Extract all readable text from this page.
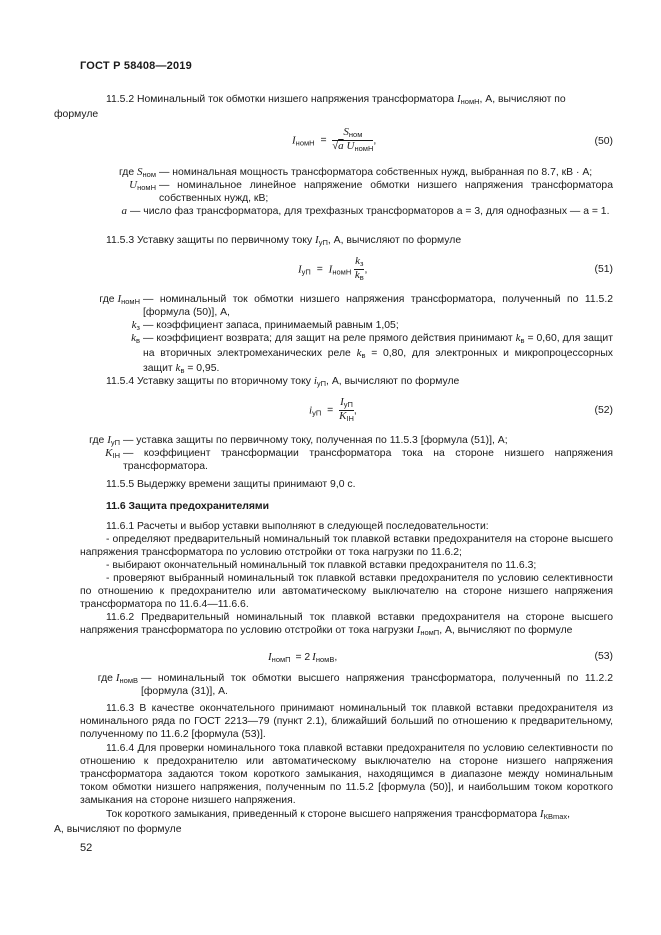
ГОСТ Р 58408—2019
11.5.2 Номинальный ток обмотки низшего напряжения трансформатора $I_{номН}$, А, вычисляют по
формуле
$I_{номН} = \frac{S_{ном}}{√a U_{номН}}$ ,	(50)
где $S_{ном}$ — номинальная мощность трансформатора собственных нужд, выбранная по 8.7, кВ · А;
$U_{номН}$ — номинальное линейное напряжение обмотки низшего напряжения трансформатора собственных нужд, кВ;
a — число фаз трансформатора, для трехфазных трансформаторов a = 3, для однофазных — a = 1.
11.5.3 Уставку защиты по первичному току $I_{уП}$, А, вычисляют по формуле
$I_{уП} = I_{номН} \frac{k_з}{k_в}$ ,	(51)
где $I_{номН}$ — номинальный ток обмотки низшего напряжения трансформатора, полученный по 11.5.2 [формула (50)], А,
$k_з$ — коэффициент запаса, принимаемый равным 1,05;
$k_в$ — коэффициент возврата; для защит на реле прямого действия принимают $k_в = 0,60$, для защит на вторичных электромеханических реле $k_в = 0,80$, для электронных и микропроцессорных защит $k_в = 0,95$.
11.5.4 Уставку защиты по вторичному току $i_{уП}$, А, вычисляют по формуле
$i_{уП} = \frac{I_{уП}}{K_{IН}}$ ,	(52)
где $I_{уП}$ — уставка защиты по первичному току, полученная по 11.5.3 [формула (51)], А;
$K_{IН}$ — коэффициент трансформации трансформатора тока на стороне низшего напряжения трансформатора.
11.5.5 Выдержку времени защиты принимают 9,0 с.
11.6 Защита предохранителями
11.6.1 Расчеты и выбор уставки выполняют в следующей последовательности:
- определяют предварительный номинальный ток плавкой вставки предохранителя на стороне высшего напряжения трансформатора по условию отстройки от тока нагрузки по 11.6.2;
- выбирают окончательный номинальный ток плавкой вставки предохранителя по 11.6.3;
- проверяют выбранный номинальный ток плавкой вставки предохранителя по условию селективности по отношению к предохранителю или автоматическому выключателю на стороне низшего напряжения трансформатора по 11.6.4—11.6.6.
11.6.2 Предварительный номинальный ток плавкой вставки предохранителя на стороне высшего напряжения трансформатора по условию отстройки от тока нагрузки $I_{номП}$, А, вычисляют по формуле
$I_{номП} = 2$ $I_{номВ}$,	(53)
где $I_{номВ}$ — номинальный ток обмотки высшего напряжения трансформатора, полученный по 11.2.2 [формула (31)], А.
11.6.3 В качестве окончательного принимают номинальный ток плавкой вставки предохранителя из номинального ряда по ГОСТ 2213—79 (пункт 2.1), ближайший больший по отношению к предварительному, полученному по 11.6.2 [формула (53)].
11.6.4 Для проверки номинального тока плавкой вставки предохранителя по условию селективности по отношению к предохранителю или автоматическому выключателю на стороне низшего напряжения трансформатора задаются током короткого замыкания, находящимся в диапазоне между номинальным током обмотки низшего напряжения, полученным по 11.5.2 [формула (50)], и наибольшим током короткого замыкания на стороне низшего напряжения.
Ток короткого замыкания, приведенный к стороне высшего напряжения трансформатора $I_{КВmax}$,
А, вычисляют по формуле
52
